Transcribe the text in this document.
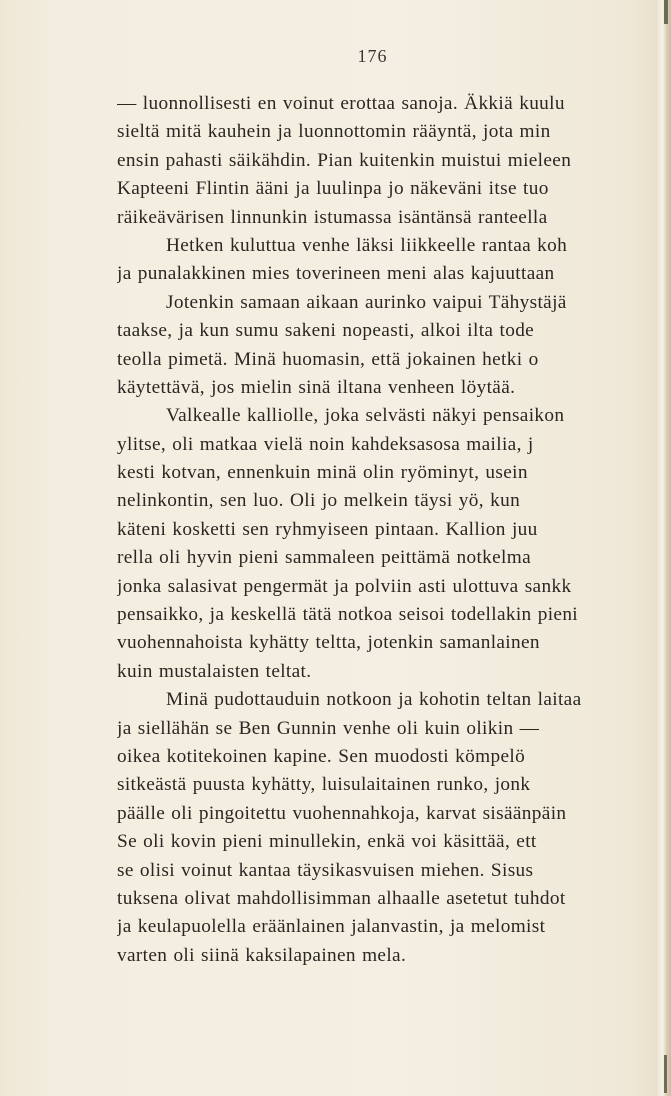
176
— luonnollisesti en voinut erottaa sanoja. Äkkiä kuulu
sieltä mitä kauhein ja luonnottomin rääyntä, jota min
ensin pahasti säikähdin. Pian kuitenkin muistui mieleen
Kapteeni Flintin ääni ja luulinpa jo näkeväni itse tuo
räikeävärisen linnunkin istumassa isäntänsä ranteella
Hetken kuluttua venhe läksi liikkeelle rantaa koh
ja punalakkinen mies toverineen meni alas kajuuttaan
Jotenkin samaan aikaan aurinko vaipui Tähystäjä
taakse, ja kun sumu sakeni nopeasti, alkoi ilta tode
teolla pimetä. Minä huomasin, että jokainen hetki o
käytettävä, jos mielin sinä iltana venheen löytää.
Valkealle kalliolle, joka selvästi näkyi pensaikon
ylitse, oli matkaa vielä noin kahdeksasosa mailia, j
kesti kotvan, ennenkuin minä olin ryöminyt, usein
nelinkontin, sen luo. Oli jo melkein täysi yö, kun
käteni kosketti sen ryhmyiseen pintaan. Kallion juu
rella oli hyvin pieni sammaleen peittämä notkelma
jonka salasivat pengermät ja polviin asti ulottuva sankk
pensaikko, ja keskellä tätä notkoa seisoi todellakin pieni
vuohennahoista kyhätty teltta, jotenkin samanlainen
kuin mustalaisten teltat.
Minä pudottauduin notkoon ja kohotin teltan laitaa
ja siellähän se Ben Gunnin venhe oli kuin olikin —
oikea kotitekoinen kapine. Sen muodosti kömpelö
sitkeästä puusta kyhätty, luisulaitainen runko, jonk
päälle oli pingoitettu vuohennahkoja, karvat sisäänpäin
Se oli kovin pieni minullekin, enkä voi käsittää, ett
se olisi voinut kantaa täysikasvuisen miehen. Sisus
tuksena olivat mahdollisimman alhaalle asetetut tuhdot
ja keulapuolella eräänlainen jalanvastin, ja melomist
varten oli siinä kaksilapainen mela.
